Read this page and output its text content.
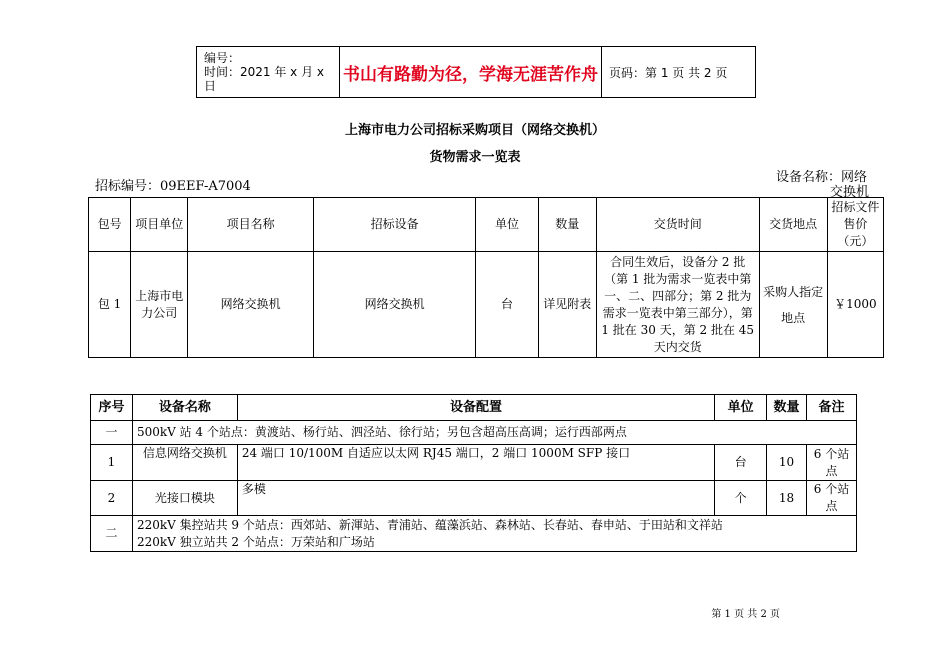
编号：
时间：2021 年 x 月 x 日
书山有路勤为径，学海无涯苦作舟 页码：第 1 页 共 2 页
上海市电力公司招标采购项目（网络交换机）
货物需求一览表
招标编号：09EEF-A7004
设备名称：网络
交换机
包号	项目单位	项目名称	招标设备	单位	数量	交货时间	交货地点	招标文件售价（元）
包 1	上海市电力公司	网络交换机	网络交换机	台	详见附表	合同生效后，设备分 2 批（第 1 批为需求一览表中第一、二、四部分；第 2 批为需求一览表中第三部分），第 1 批在 30 天，第 2 批在 45 天内交货	采购人指定地点	￥1000
序号	设备名称	设备配置	单位	数量	备注
一	500kV 站 4 个站点：黄渡站、杨行站、泗泾站、徐行站；另包含超高压高调；运行西部两点				
1	信息网络交换机	24 端口 10/100M 自适应以太网 RJ45 端口，2 端口 1000M SFP 接口	台	10	6 个站点
2	光接口模块	多模	个	18	6 个站点
二	220kV 集控站共 9 个站点：西郊站、新渾站、青浦站、蕴藻浜站、森林站、长春站、春申站、于田站和文祥站
220kV 独立站共 2 个站点：万荣站和广场站				
第 1 页 共 2 页
